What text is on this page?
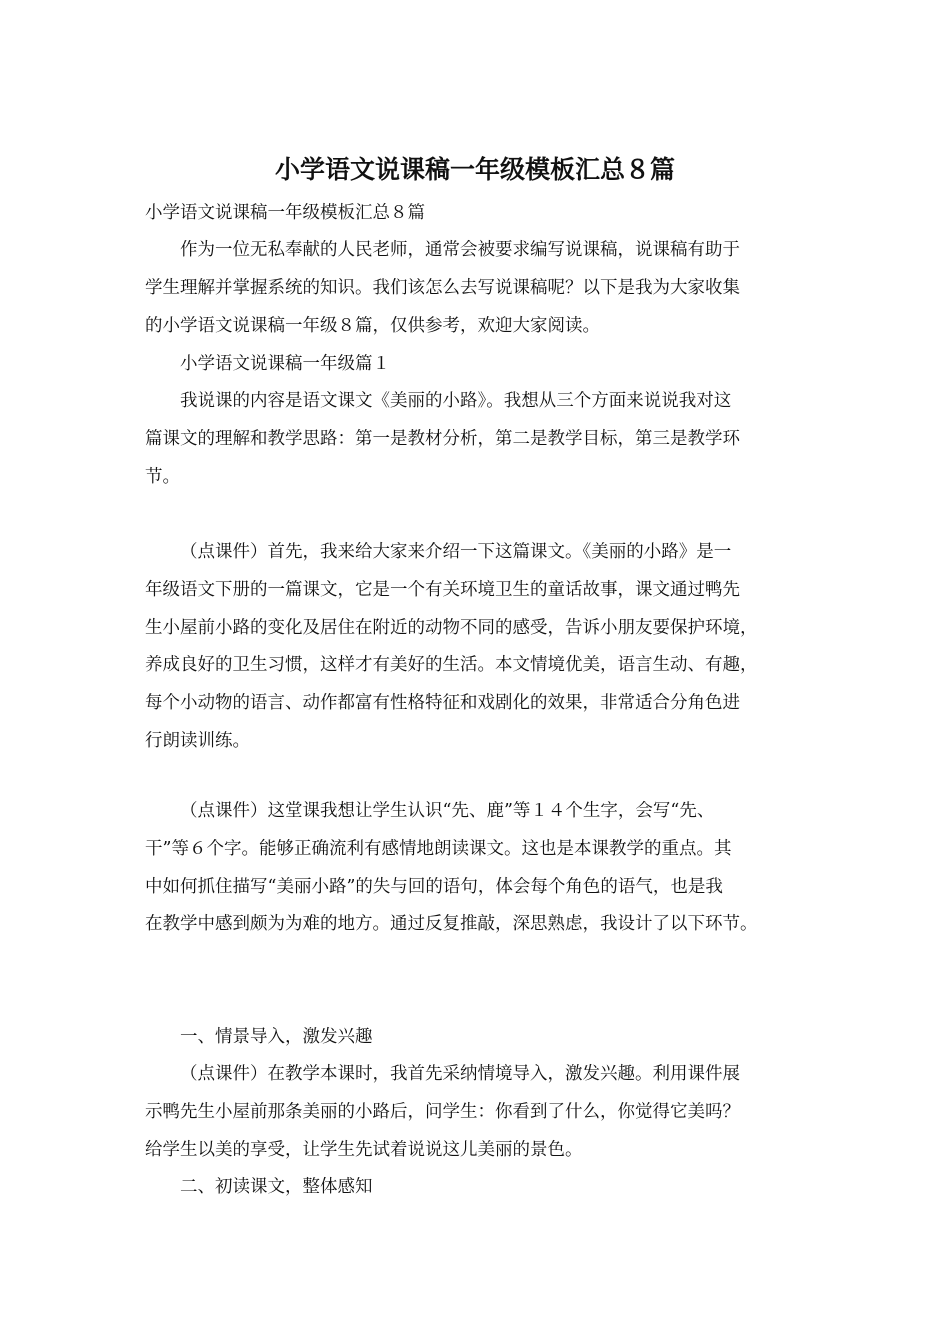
小学语文说课稿一年级模板汇总８篇

小学语文说课稿一年级模板汇总８篇

作为一位无私奉献的人民老师，通常会被要求编写说课稿，说课稿有助于

学生理解并掌握系统的知识。我们该怎么去写说课稿呢？以下是我为大家收集

的小学语文说课稿一年级８篇，仅供参考，欢迎大家阅读。

小学语文说课稿一年级篇１

我说课的内容是语文课文《美丽的小路》。我想从三个方面来说说我对这

篇课文的理解和教学思路：第一是教材分析，第二是教学目标，第三是教学环

节。

（点课件）首先，我来给大家来介绍一下这篇课文。《美丽的小路》是一

年级语文下册的一篇课文，它是一个有关环境卫生的童话故事，课文通过鸭先

生小屋前小路的变化及居住在附近的动物不同的感受，告诉小朋友要保护环境，

养成良好的卫生习惯，这样才有美好的生活。本文情境优美，语言生动、有趣，

每个小动物的语言、动作都富有性格特征和戏剧化的效果，非常适合分角色进

行朗读训练。

（点课件）这堂课我想让学生认识“先、鹿”等１４个生字，会写“先、

干”等６个字。能够正确流利有感情地朗读课文。这也是本课教学的重点。其

中如何抓住描写“美丽小路”的失与回的语句，体会每个角色的语气，也是我

在教学中感到颇为为难的地方。通过反复推敲，深思熟虑，我设计了以下环节。

一、情景导入，激发兴趣

（点课件）在教学本课时，我首先采纳情境导入，激发兴趣。利用课件展

示鸭先生小屋前那条美丽的小路后，问学生：你看到了什么，你觉得它美吗？

给学生以美的享受，让学生先试着说说这儿美丽的景色。

二、初读课文，整体感知
